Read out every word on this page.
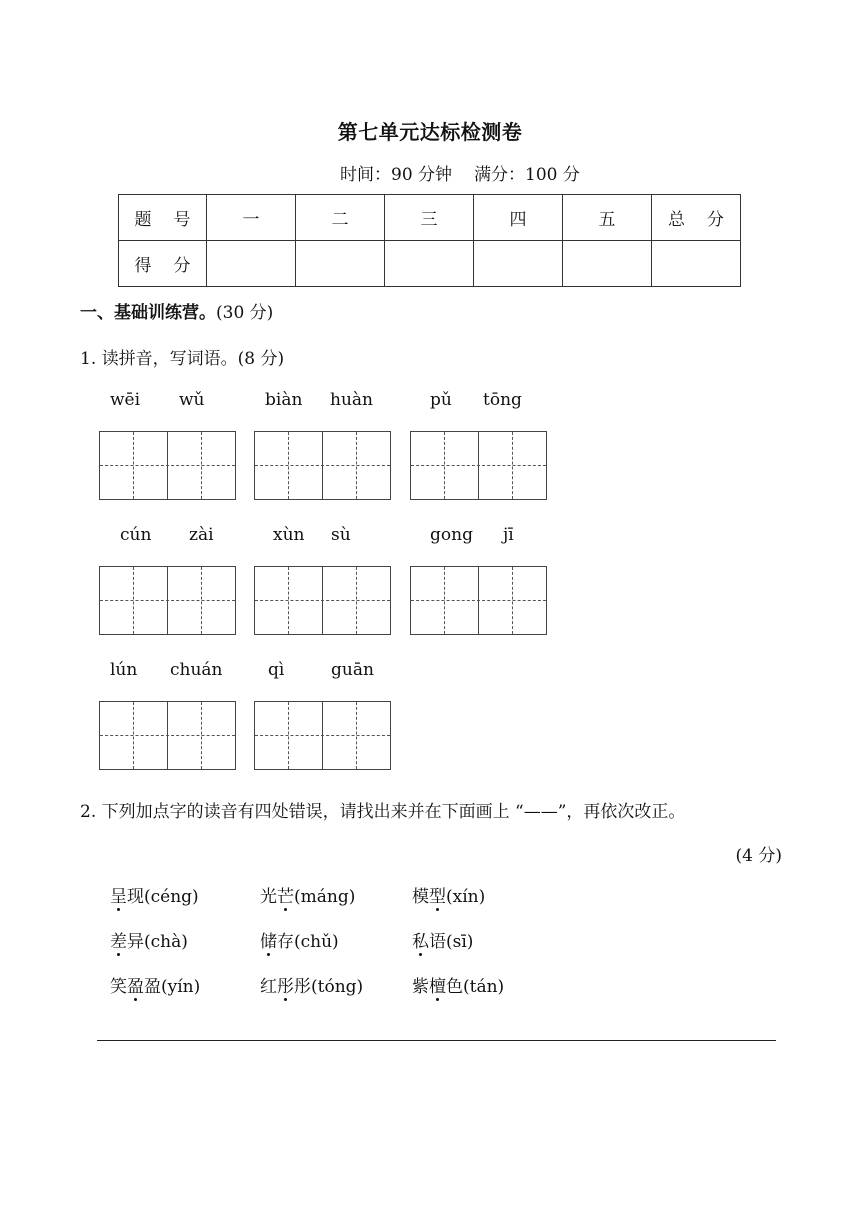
第七单元达标检测卷
时间：90 分钟 满分：100 分
题 号	一	二	三	四	五	总 分
得 分						
一、基础训练营。(30 分)
1. 读拼音，写词语。(8 分)
wēi wǔ	biàn huàn	pǔ tōng
cún zài	xùn sù	gong jī
lún chuán	qì	guān
2. 下列加点字的读音有四处错误，请找出来并在下面画上 “——”，再依次改正。
(4 分)
呈现(céng)	光芒(máng)	模型(xín)
差异(chà)	储存(chǔ)	私语(sī)
笑盈盈(yín)	红彤彤(tóng)	紫檀色(tán)
